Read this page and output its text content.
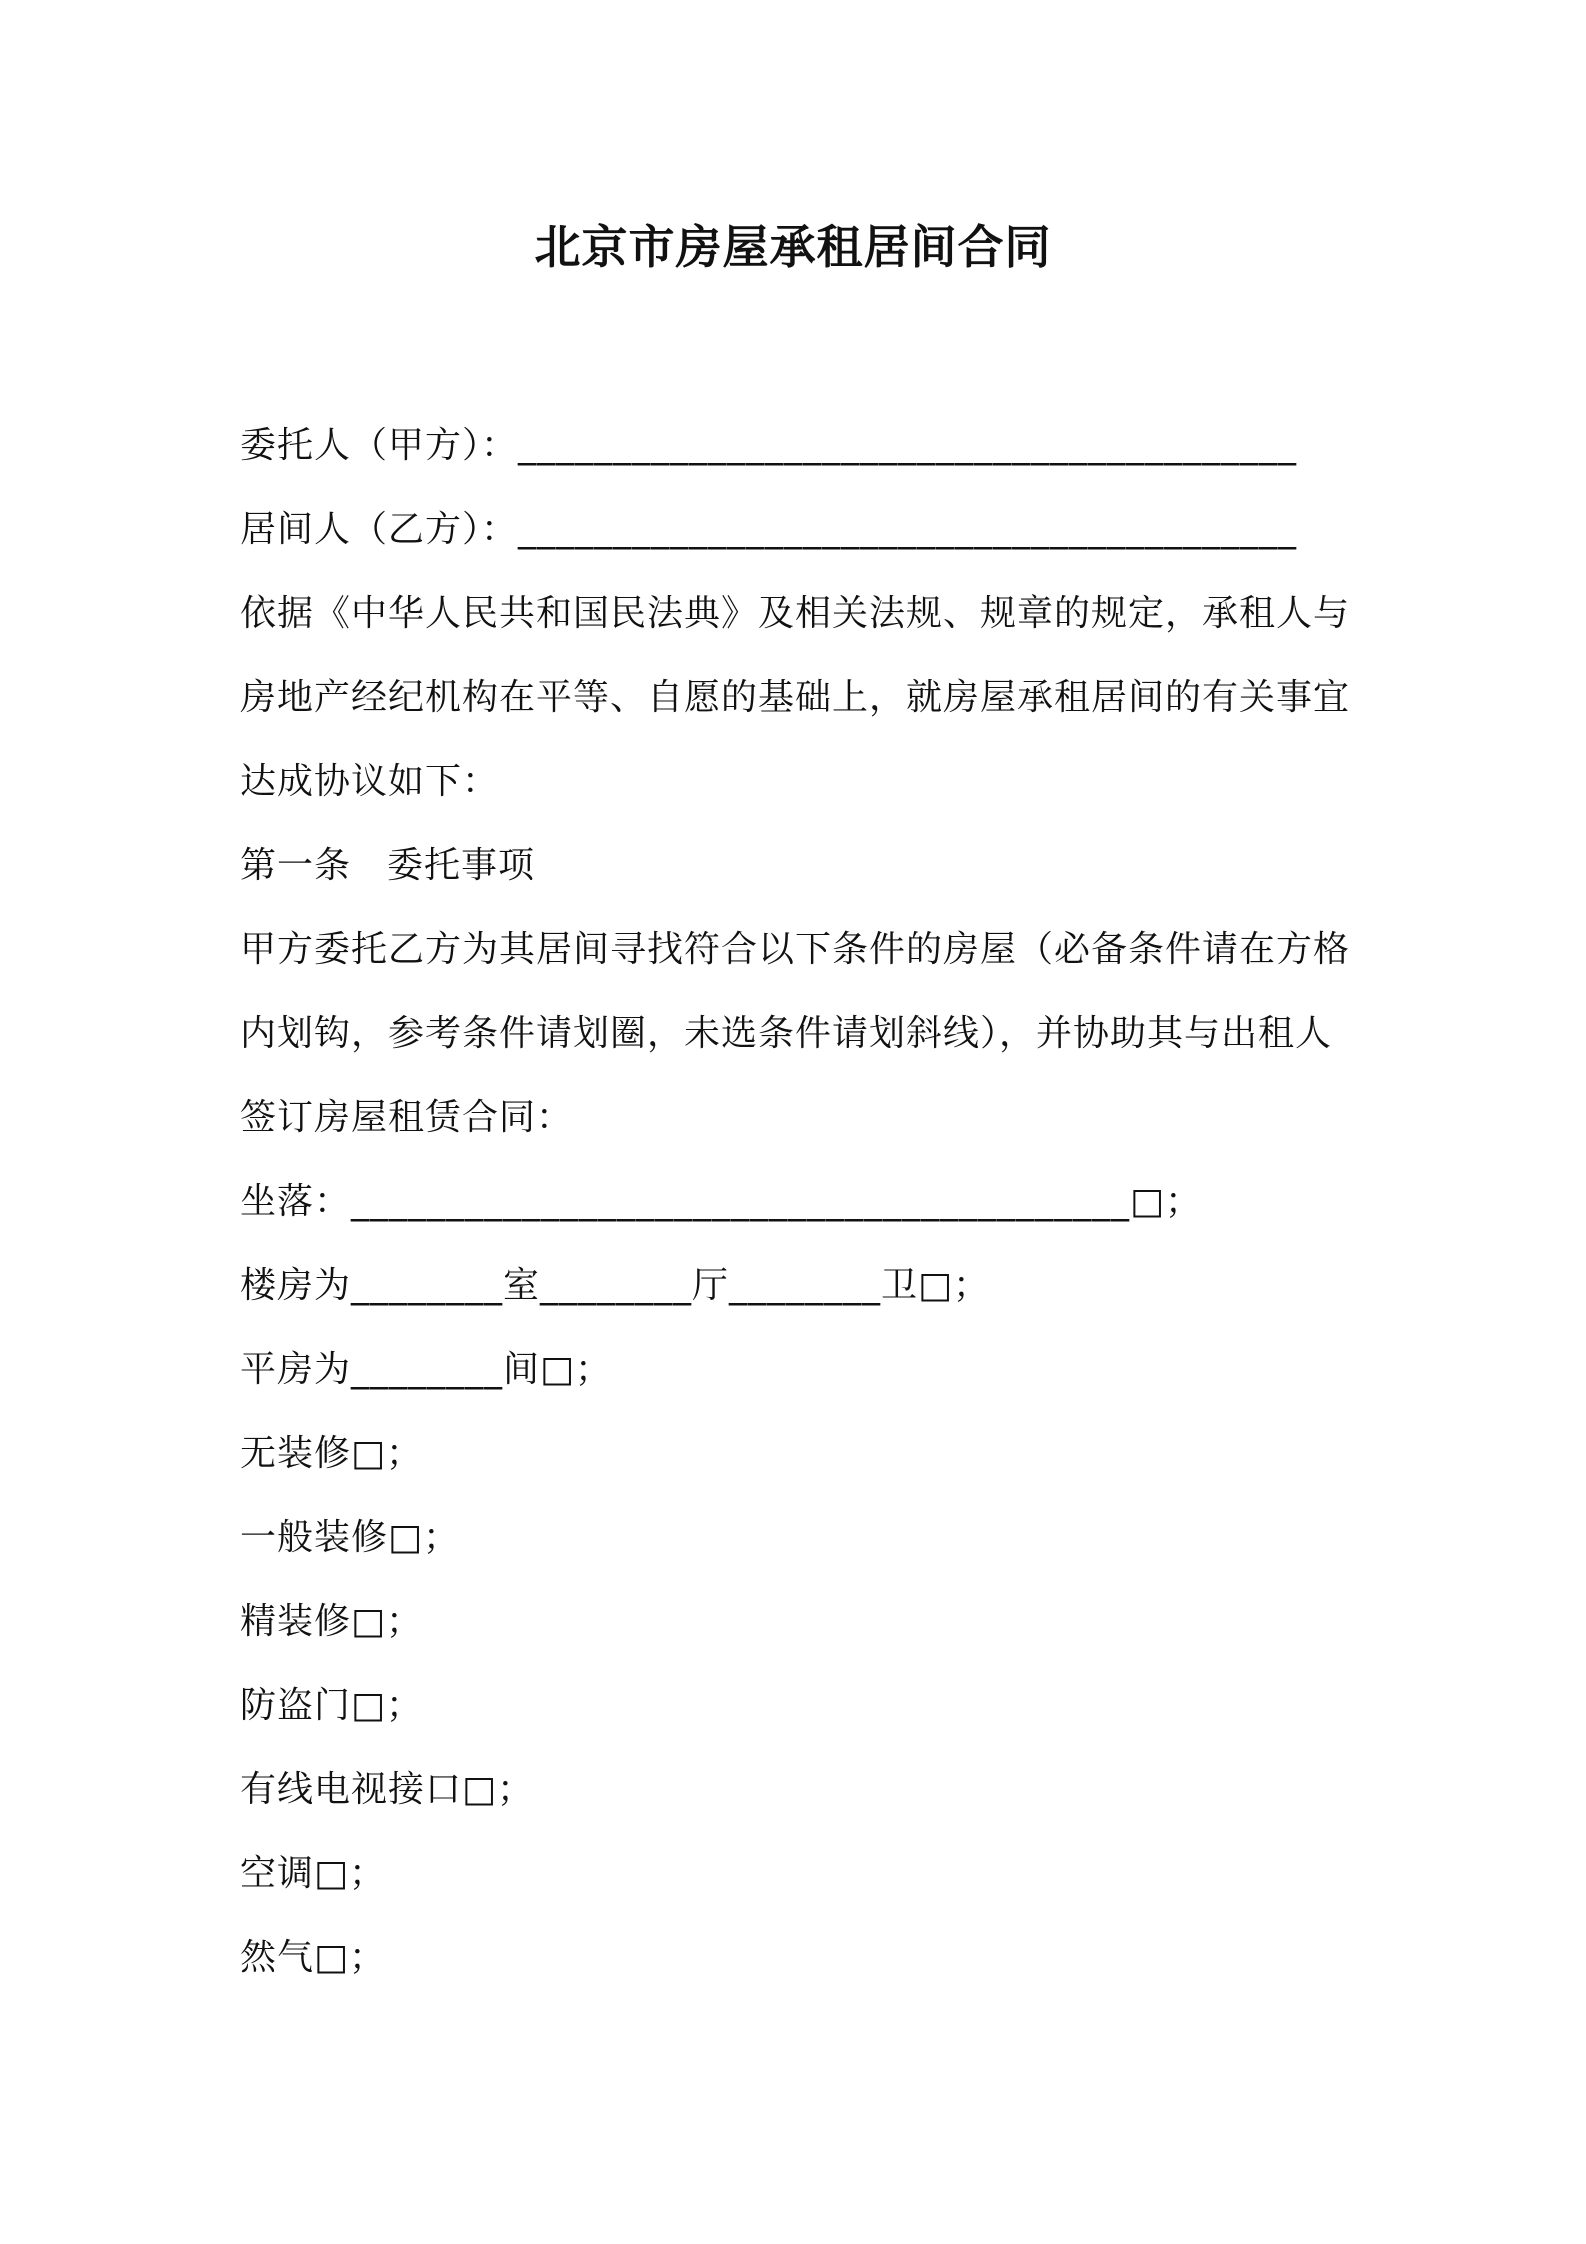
北京市房屋承租居间合同
委托人（甲方）：_________________________________________
居间人（乙方）：_________________________________________
依据《中华人民共和国民法典》及相关法规、规章的规定，承租人与
房地产经纪机构在平等、自愿的基础上，就房屋承租居间的有关事宜
达成协议如下：
第一条 委托事项
甲方委托乙方为其居间寻找符合以下条件的房屋（必备条件请在方格
内划钩，参考条件请划圈，未选条件请划斜线），并协助其与出租人
签订房屋租赁合同：
坐落：_________________________________________□；
楼房为________室________厅________卫□；
平房为________间□；
无装修□；
一般装修□；
精装修□；
防盗门□；
有线电视接口□；
空调□；
然气□；
